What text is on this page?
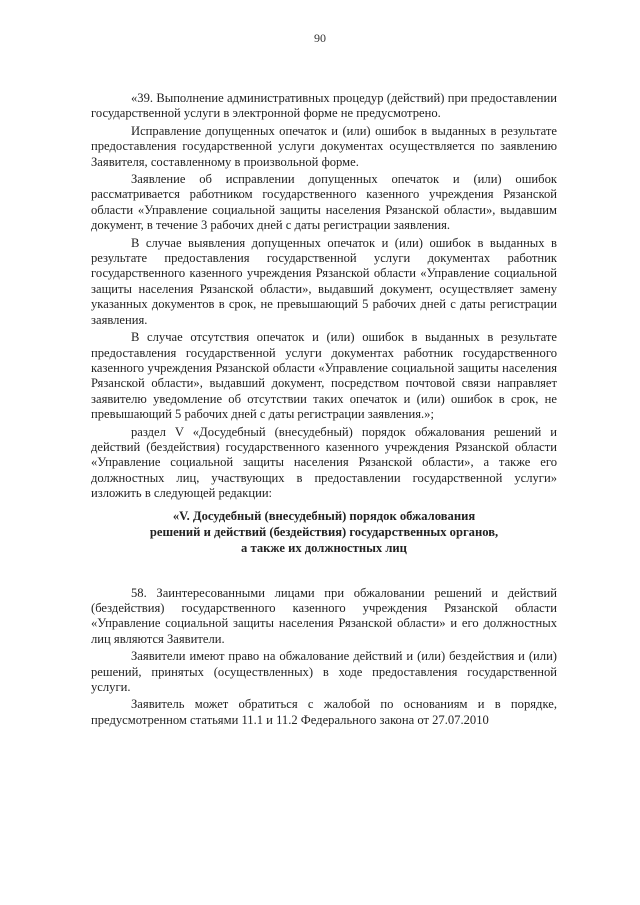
90

«39. Выполнение административных процедур (действий) при предоставлении государственной услуги в электронной форме не предусмотрено.

Исправление допущенных опечаток и (или) ошибок в выданных в результате предоставления государственной услуги документах осуществляется по заявлению Заявителя, составленному в произвольной форме.

Заявление об исправлении допущенных опечаток и (или) ошибок рассматривается работником государственного казенного учреждения Рязанской области «Управление социальной защиты населения Рязанской области», выдавшим документ, в течение 3 рабочих дней с даты регистрации заявления.

В случае выявления допущенных опечаток и (или) ошибок в выданных в результате предоставления государственной услуги документах работник государственного казенного учреждения Рязанской области «Управление социальной защиты населения Рязанской области», выдавший документ, осуществляет замену указанных документов в срок, не превышающий 5 рабочих дней с даты регистрации заявления.

В случае отсутствия опечаток и (или) ошибок в выданных в результате предоставления государственной услуги документах работник государственного казенного учреждения Рязанской области «Управление социальной защиты населения Рязанской области», выдавший документ, посредством почтовой связи направляет заявителю уведомление об отсутствии таких опечаток и (или) ошибок в срок, не превышающий 5 рабочих дней с даты регистрации заявления.»;

раздел V «Досудебный (внесудебный) порядок обжалования решений и действий (бездействия) государственного казенного учреждения Рязанской области «Управление социальной защиты населения Рязанской области», а также его должностных лиц, участвующих в предоставлении государственной услуги» изложить в следующей редакции:

«V. Досудебный (внесудебный) порядок обжалования
решений и действий (бездействия) государственных органов,
а также их должностных лиц

58. Заинтересованными лицами при обжаловании решений и действий (бездействия) государственного казенного учреждения Рязанской области «Управление социальной защиты населения Рязанской области» и его должностных лиц являются Заявители.

Заявители имеют право на обжалование действий и (или) бездействия и (или) решений, принятых (осуществленных) в ходе предоставления государственной услуги.

Заявитель может обратиться с жалобой по основаниям и в порядке, предусмотренном статьями 11.1 и 11.2 Федерального закона от 27.07.2010
